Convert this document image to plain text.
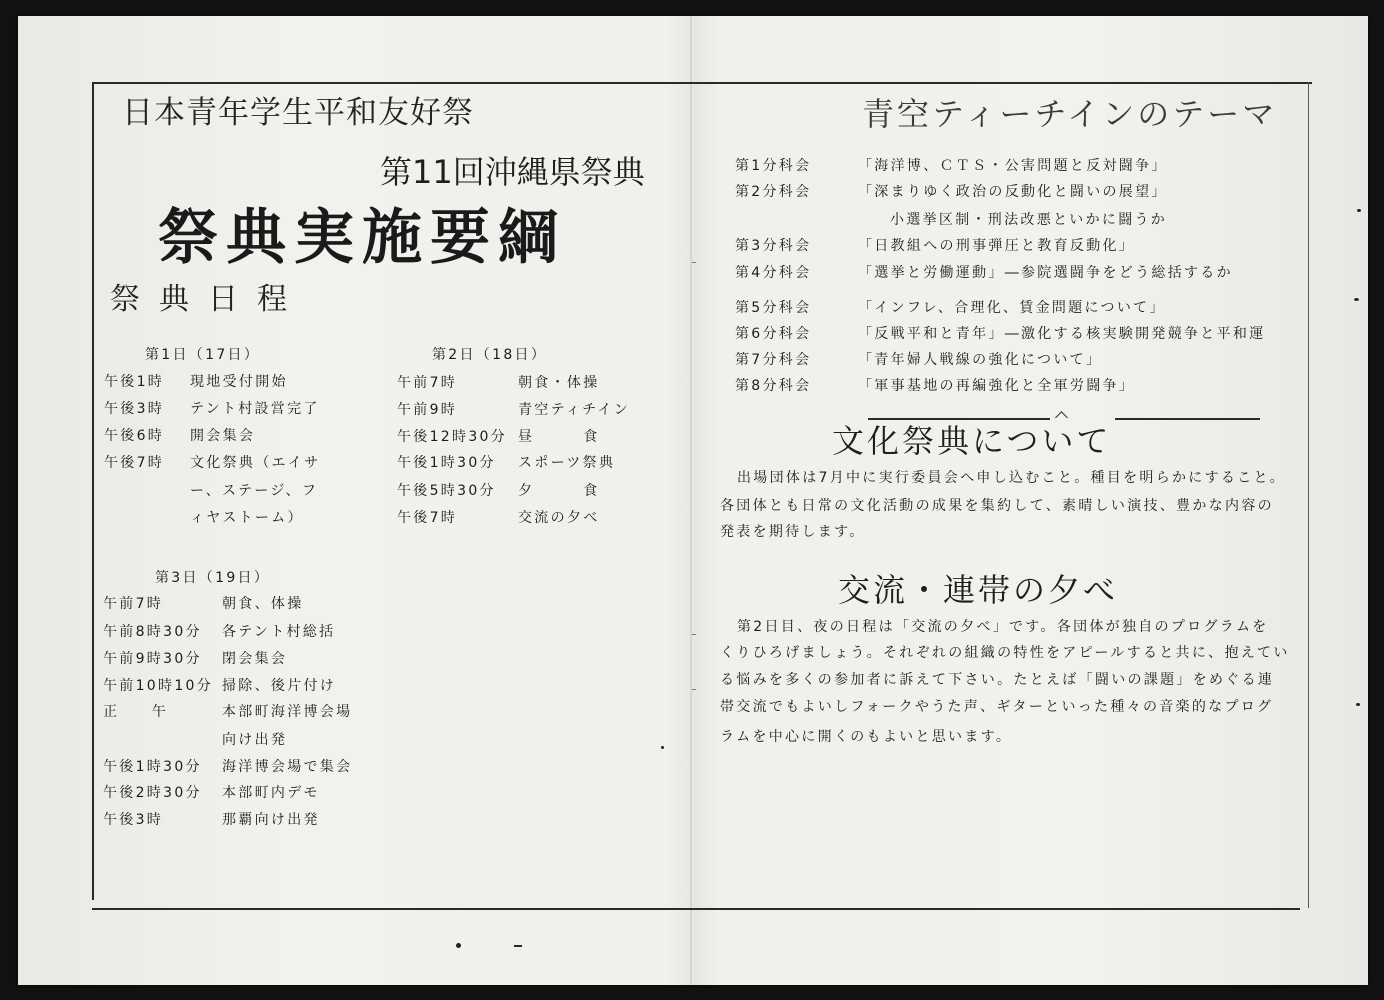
日本青年学生平和友好祭
第11回沖縄県祭典
祭典実施要綱
祭典日程
第1日（17日）
午後1時 現地受付開始
午後3時 テント村設営完了
午後6時 開会集会
午後7時 文化祭典（エイサ
ー、ステージ、フ
ィヤストーム）
第2日（18日）
午前7時	朝食・体操
午前9時	青空ティチイン
午後12時30分 昼　　　食
午後1時30分 スポーツ祭典
午後5時30分 夕　　　食
午後7時	交流の夕べ
第3日（19日）
午前7時	朝食、体操
午前8時30分 各テント村総括
午前9時30分 閉会集会
午前10時10分 掃除、後片付け
正　　午	本部町海洋博会場
向け出発
午後1時30分 海洋博会場で集会
午後2時30分 本部町内デモ
午後3時	那覇向け出発
青空ティーチインのテーマ
第1分科会	「海洋博、ＣＴＳ・公害問題と反対闘争」
第2分科会	「深まりゆく政治の反動化と闘いの展望」
小選挙区制・刑法改悪といかに闘うか
第3分科会	「日教組への刑事弾圧と教育反動化」
第4分科会	「選挙と労働運動」―参院選闘争をどう総括するか
第5分科会	「インフレ、合理化、賃金問題について」
第6分科会	「反戦平和と青年」―激化する核実験開発競争と平和運
第7分科会	「青年婦人戦線の強化について」
第8分科会	「軍事基地の再編強化と全軍労闘争」
文化祭典について
出場団体は7月中に実行委員会へ申し込むこと。種目を明らかにすること。
各団体とも日常の文化活動の成果を集約して、素晴しい演技、豊かな内容の
発表を期待します。
交流・連帯の夕べ
第2日目、夜の日程は「交流の夕べ」です。各団体が独自のプログラムを
くりひろげましょう。それぞれの組織の特性をアピールすると共に、抱えてい
る悩みを多くの参加者に訴えて下さい。たとえば「闘いの課題」をめぐる連
帯交流でもよいしフォークやうた声、ギターといった種々の音楽的なプログ
ラムを中心に開くのもよいと思います。
